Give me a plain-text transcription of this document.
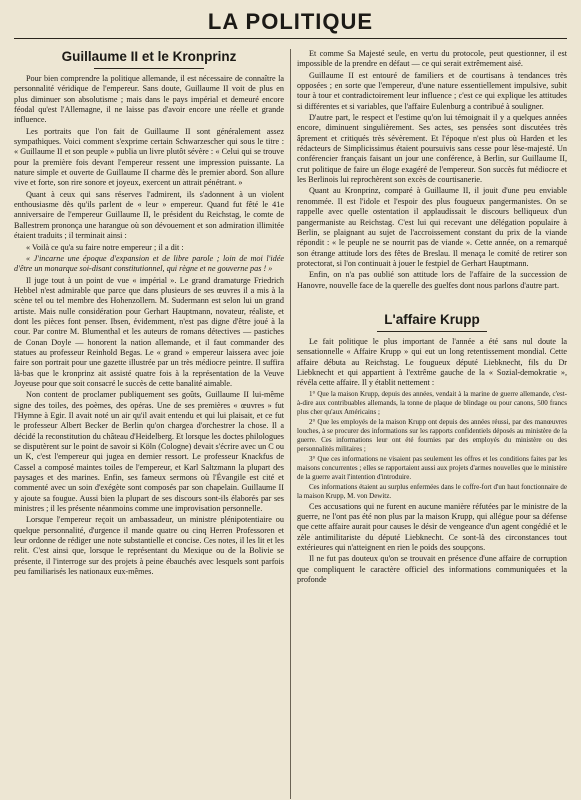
LA POLITIQUE
Guillaume II et le Kronprinz

Pour bien comprendre la politique allemande, il est nécessaire de connaître la personnalité véridique de l'empereur. Sans doute, Guillaume II voit de plus en plus diminuer son absolutisme ; mais dans le pays impérial et demeuré encore féodal qu'est l'Allemagne, il ne laisse pas d'avoir encore une réelle et grande influence.

Les portraits que l'on fait de Guillaume II sont généralement assez sympathiques. Voici comment s'exprime certain Schwarzescher qui sous le titre : « Guillaume II et son peuple » publia un livre plutôt sévère : « Celui qui se trouve pour la première fois devant l'empereur ressent une impression puissante. La nature simple et ouverte de Guillaume II charme dès le premier abord. Son allure vive et forte, son rire sonore et joyeux, exercent un attrait pénétrant. »

Quant à ceux qui sans réserves l'admirent, ils s'adonnent à un violent enthousiasme dès qu'ils parlent de « leur » empereur. Quand fut fêté le 41e anniversaire de l'empereur Guillaume II, le président du Reichstag, le comte de Ballestrem prononça une harangue où son dévouement et son admiration illimitée étaient traduits ; il terminait ainsi :

« Voilà ce qu'a su faire notre empereur ; il a dit :

« J'incarne une époque d'expansion et de libre parole ; loin de moi l'idée d'être un monarque soi-disant constitutionnel, qui règne et ne gouverne pas ! »

Il juge tout à un point de vue « impérial ». Le grand dramaturge Friedrich Hebbel n'est admirable que parce que dans plusieurs de ses œuvres il a mis à la scène tel ou tel membre des Hohenzollern. M. Sudermann est selon lui un grand artiste. Mais nulle considération pour Gerhart Hauptmann, novateur, réaliste, et dont les pièces font penser. Ibsen, évidemment, n'est pas digne d'être joué à la cour. Par contre M. Blumenthal et les auteurs de romans détectives — pastiches de Conan Doyle — honorent la nation allemande, et il faut commander des statues au professeur Reinhold Begas. Le « grand » empereur laissera avec joie faire son portrait pour une gazette illustrée par un très médiocre peintre. Il suffira là-bas que le kronprinz ait assisté quatre fois à la représentation de la Veuve Joyeuse pour que soit consacré le succès de cette banalité aimable.

Non content de proclamer publiquement ses goûts, Guillaume II lui-même signe des toiles, des poèmes, des opéras. Une de ses premières « œuvres » fut l'Hymne à Egir. Il avait noté un air qu'il avait entendu et qui lui plaisait, et ce fut le professeur Albert Becker de Berlin qu'on chargea d'orchestrer la chose. Il a décidé la reconstitution du château d'Heidelberg. Et lorsque les doctes philologues se disputèrent sur le point de savoir si Köln (Cologne) devait s'écrire avec un C ou un K, c'est l'empereur qui jugea en dernier ressort. Le professeur Knackfus de Cassel a composé maintes toiles de l'empereur, et Karl Saltzmann la plupart des paysages et des marines. Enfin, ses fameux sermons où l'Évangile est cité et commenté avec un soin d'exégète sont composés par son chapelain. Guillaume II y ajoute sa fougue. Aussi bien la plupart de ses discours sont-ils élaborés par ses ministres ; il les présente néanmoins comme une improvisation personnelle.

Lorsque l'empereur reçoit un ambassadeur, un ministre plénipotentiaire ou quelque personnalité, d'urgence il mande quatre ou cinq Herren Professoren et leur ordonne de rédiger une note substantielle et concise. Ces notes, il les lit et les relit. C'est ainsi que, lorsque le représentant du Mexique ou de la Bolivie se présente, il l'interroge sur des projets à peine ébauchés avec lesquels sont parfois peu familiarisés les nationaux eux-mêmes.

Et comme Sa Majesté seule, en vertu du protocole, peut questionner, il est impossible de la prendre en défaut — ce qui serait extrêmement aisé.

Guillaume II est entouré de familiers et de courtisans à tendances très opposées ; en sorte que l'empereur, d'une nature essentiellement impulsive, subit tour à tour et contradictoirement leur influence ; c'est ce qui explique les attitudes si différentes et si variables, que l'affaire Eulenburg a contribué à souligner.

D'autre part, le respect et l'estime qu'on lui témoignait il y a quelques années encore, diminuent singulièrement. Ses actes, ses pensées sont discutées très âprement et critiqués très sévèrement. Et l'époque n'est plus où Harden et les rédacteurs de Simplicissimus étaient poursuivis sans cesse pour lèse-majesté. Un conférencier français faisant un jour une conférence, à Berlin, sur Guillaume II, crut politique de faire un éloge exagéré de l'empereur. Son succès fut médiocre et les Berlinois lui reprochèrent son excès de courtisanerie.

Quant au Kronprinz, comparé à Guillaume II, il jouit d'une peu enviable renommée. Il est l'idole et l'espoir des plus fougueux pangermanistes. On se rappelle avec quelle ostentation il applaudissait le discours belliqueux d'un pangermaniste au Reichstag. C'est lui qui recevant une délégation populaire à Berlin, se plaignant au sujet de l'accroissement constant du prix de la viande répondit : « le peuple ne se nourrit pas de viande ». Cette année, on a remarqué son étrange attitude lors des fêtes de Breslau. Il menaça le comité de retirer son protectorat, si l'on continuait à jouer le festpiel de Gerhart Hauptmann.

Enfin, on n'a pas oublié son attitude lors de l'affaire de la succession de Hanovre, nouvelle face de la querelle des guelfes dont nous parlons d'autre part.

L'affaire Krupp

Le fait politique le plus important de l'année a été sans nul doute la sensationnelle « Affaire Krupp » qui eut un long retentissement mondial. Cette affaire débuta au Reichstag. Le fougueux député Liebknecht, fils du Dr Liebknecht et qui appartient à l'extrême gauche de la « Sozial-demokratie », révéla cette affaire. Il y établit nettement :

1° Que la maison Krupp, depuis des années, vendait à la marine de guerre allemande, c'est-à-dire aux contribuables allemands, la tonne de plaque de blindage ou pour canons, 500 francs plus cher qu'aux Américains ;

2° Que les employés de la maison Krupp ont depuis des années réussi, par des manœuvres louches, à se procurer des informations sur les rapports confidentiels déposés au ministère de la guerre. Ces informations leur ont été fournies par des employés du ministère ou des personnalités militaires ;

3° Que ces informations ne visaient pas seulement les offres et les conditions faites par les maisons concurrentes ; elles se rapportaient aussi aux projets d'armes nouvelles que le ministère de la guerre avait l'intention d'introduire.

Ces informations étaient au surplus enfermées dans le coffre-fort d'un haut fonctionnaire de la maison Krupp, M. von Dewitz.

Ces accusations qui ne furent en aucune manière réfutées par le ministre de la guerre, ne l'ont pas été non plus par la maison Krupp, qui allégue pour sa défense que cette affaire aurait pour causes le désir de vengeance d'un agent congédié et le zèle antimilitariste du député Liebknecht. Ce sont-là des circonstances tout extérieures qui n'atteignent en rien le poids des soupçons.

Il ne fut pas douteux qu'on se trouvait en présence d'une affaire de corruption que compliquent le caractère officiel des informations communiquées et la profonde
